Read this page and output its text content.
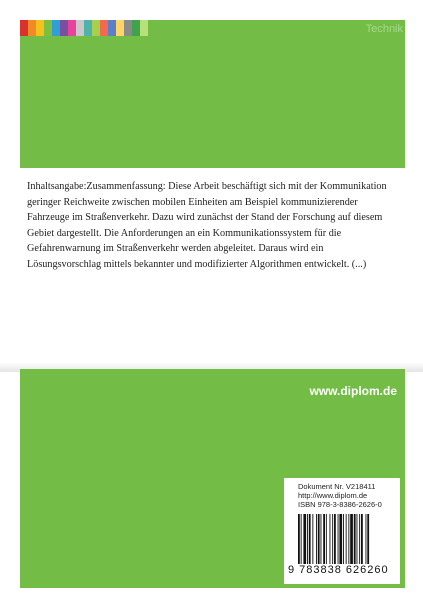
Technik

Inhaltsangabe:Zusammenfassung: Diese Arbeit beschäftigt sich mit der Kommunikation geringer Reichweite zwischen mobilen Einheiten am Beispiel kommunizierender Fahrzeuge im Straßenverkehr. Dazu wird zunächst der Stand der Forschung auf diesem Gebiet dargestellt. Die Anforderungen an ein Kommunikationssystem für die Gefahrenwarnung im Straßenverkehr werden abgeleitet. Daraus wird ein Lösungsvorschlag mittels bekannter und modifizierter Algorithmen entwickelt. (...)

www.diplom.de
Dokument Nr. V218411
http://www.diplom.de
ISBN 978-3-8386-2626-0
9 783838 626260
